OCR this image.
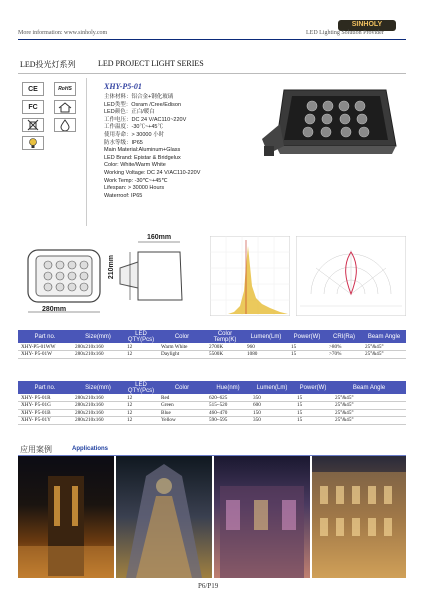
More information: www.sinholy.com
SINHOLY
LED Lighting Solution Provider
LED投光灯系列	LED PROJECT LIGHT SERIES
CE	RoHS
FC
XHY-P5-01
主体材料：铝合金+钢化玻璃
LED类型：Osram /Cree/Edison
LED颜色：正白/暖白
工作电压：DC 24 V/AC110~220V
工作温度：-30℃~+45℃
使用寿命：> 30000 小时
防水等级：IP65
Main Material:Aluminum+Glass
LED Brand: Epistar & Bridgelux
Color: White/Warm White
Working Voltage: DC 24 V/AC110-220V
Work Temp: -30℃~+45℃
Lifespan: > 30000 Hours
Waterroof: IP65
160mm
210mm
280mm
Part no.	Size(mm)	LED QTY(Pcs)	Color	Color Temp(K)	Lumen(Lm)	Power(W)	CRI(Ra)	Beam Angle
XHY-P5-01WW	280x210x160	12	Warm White	2700K	960	15	>80%	25°&45°
XHY- P5-01W	280x210x160	12	Daylight	5500K	1080	15	>70%	25°&45°
Part no.	Size(mm)	LED QTY(Pcs)	Color	Hue(nm)	Lumen(Lm)	Power(W)	Beam Angle
XHY- P5-01R	280x210x160	12	Red	620~625	350	15	25°&45°
XHY- P5-01G	280x210x160	12	Green	515~520	600	15	25°&45°
XHY- P5-01B	280x210x160	12	Blue	460~470	150	15	25°&45°
XHY- P5-01Y	280x210x160	12	Yellow	590~595	350	15	25°&45°
应用案例	Applications
P6/P19
